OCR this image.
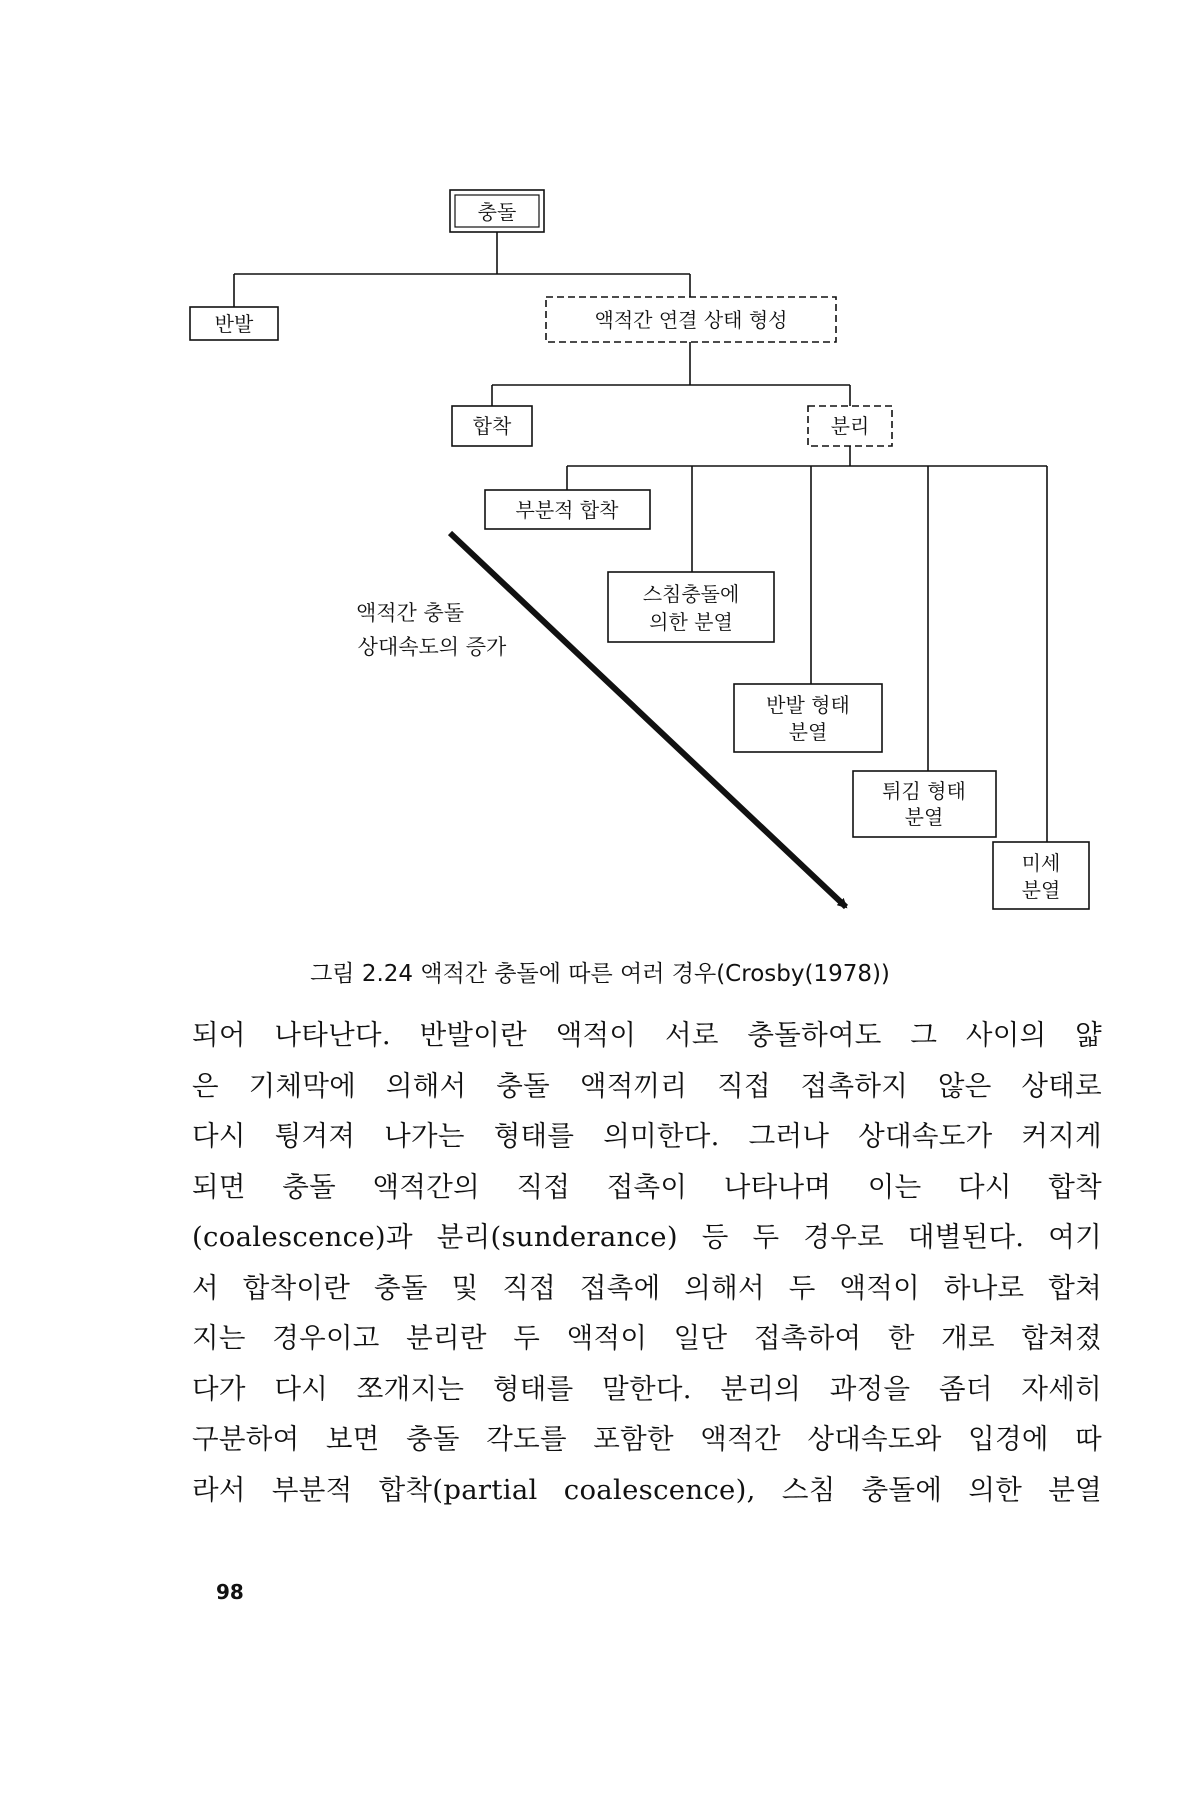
충돌
반발	액적간 연결 상태 형성
합착	분리
부분적 합착
스침충돌에
의한 분열
반발 형태
분열
튀김 형태
분열
미세
분열
액적간 충돌
상대속도의 증가
그림 2.24 액적간 충돌에 따른 여러 경우(Crosby(1978))
되어 나타난다. 반발이란 액적이 서로 충돌하여도 그 사이의 얇
은 기체막에 의해서 충돌 액적끼리 직접 접촉하지 않은 상태로
다시 튕겨져 나가는 형태를 의미한다. 그러나 상대속도가 커지게
되면 충돌 액적간의 직접 접촉이 나타나며 이는 다시 합착
(coalescence)과 분리(sunderance) 등 두 경우로 대별된다. 여기
서 합착이란 충돌 및 직접 접촉에 의해서 두 액적이 하나로 합쳐
지는 경우이고 분리란 두 액적이 일단 접촉하여 한 개로 합쳐졌
다가 다시 쪼개지는 형태를 말한다. 분리의 과정을 좀더 자세히
구분하여 보면 충돌 각도를 포함한 액적간 상대속도와 입경에 따
라서 부분적 합착(partial coalescence), 스침 충돌에 의한 분열
98
